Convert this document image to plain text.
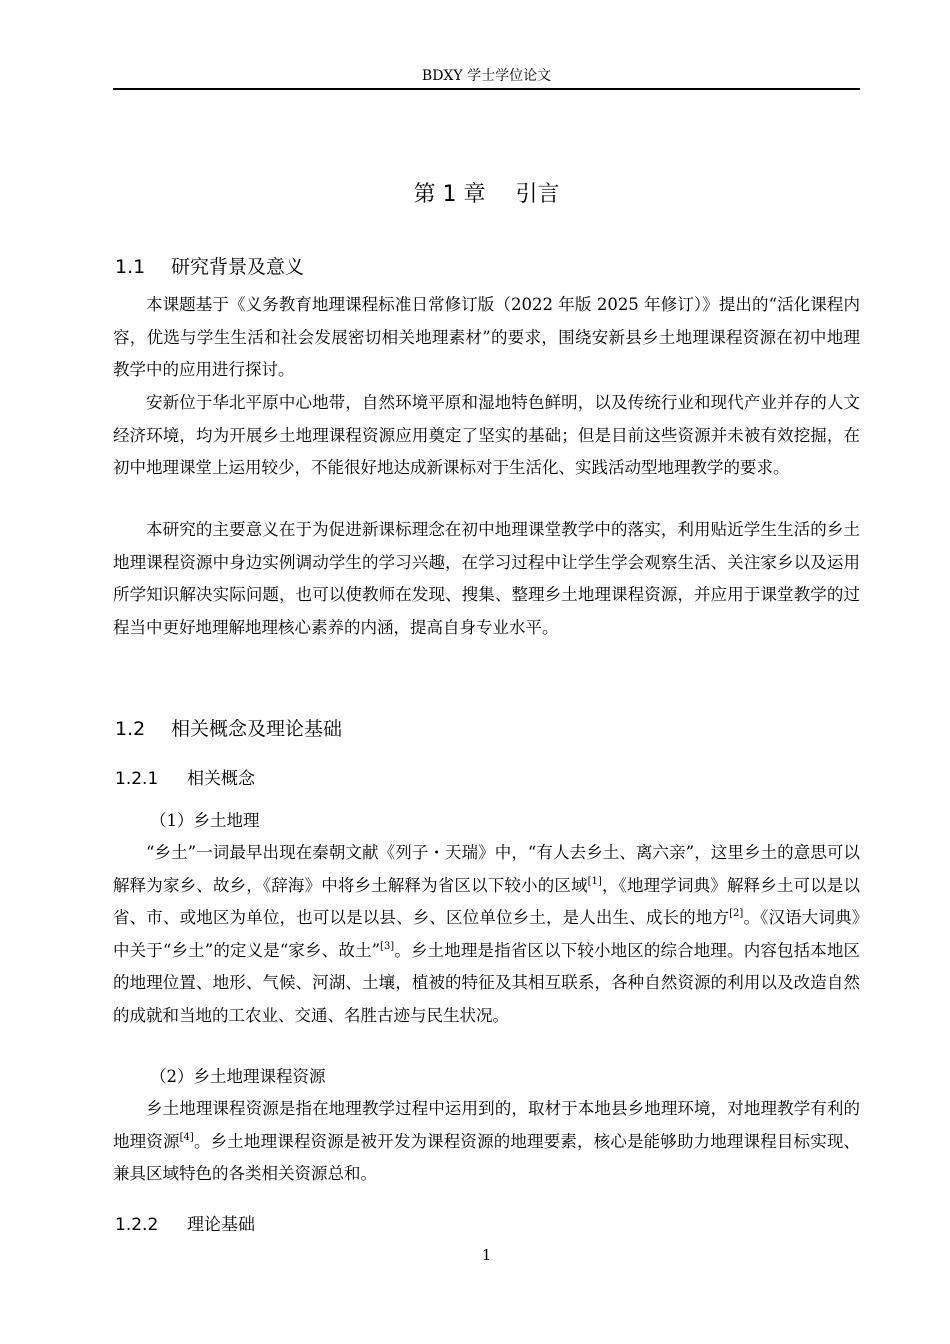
BDXY 学士学位论文
第 1 章 引言
1.1 研究背景及意义

本课题基于《义务教育地理课程标准日常修订版（2022 年版 2025 年修订）》提出的“活化课程内容，优选与学生生活和社会发展密切相关地理素材”的要求，围绕安新县乡土地理课程资源在初中地理教学中的应用进行探讨。

安新位于华北平原中心地带，自然环境平原和湿地特色鲜明，以及传统行业和现代产业并存的人文经济环境，均为开展乡土地理课程资源应用奠定了坚实的基础；但是目前这些资源并未被有效挖掘，在初中地理课堂上运用较少，不能很好地达成新课标对于生活化、实践活动型地理教学的要求。

本研究的主要意义在于为促进新课标理念在初中地理课堂教学中的落实，利用贴近学生生活的乡土地理课程资源中身边实例调动学生的学习兴趣，在学习过程中让学生学会观察生活、关注家乡以及运用所学知识解决实际问题，也可以使教师在发现、搜集、整理乡土地理课程资源，并应用于课堂教学的过程当中更好地理解地理核心素养的内涵，提高自身专业水平。

1.2 相关概念及理论基础
1.2.1 相关概念
（1）乡土地理

“乡土”一词最早出现在秦朝文献《列子・天瑞》中，“有人去乡土、离六亲”，这里乡土的意思可以解释为家乡、故乡，《辞海》中将乡土解释为省区以下较小的区域[1]，《地理学词典》解释乡土可以是以省、市、或地区为单位，也可以是以县、乡、区位单位乡土，是人出生、成长的地方[2]。《汉语大词典》中关于“乡土”的定义是“家乡、故土”[3]。乡土地理是指省区以下较小地区的综合地理。内容包括本地区的地理位置、地形、气候、河湖、土壤，植被的特征及其相互联系，各种自然资源的利用以及改造自然的成就和当地的工农业、交通、名胜古迹与民生状况。

（2）乡土地理课程资源

乡土地理课程资源是指在地理教学过程中运用到的，取材于本地县乡地理环境，对地理教学有利的地理资源[4]。乡土地理课程资源是被开发为课程资源的地理要素，核心是能够助力地理课程目标实现、兼具区域特色的各类相关资源总和。

1.2.2 理论基础
1
